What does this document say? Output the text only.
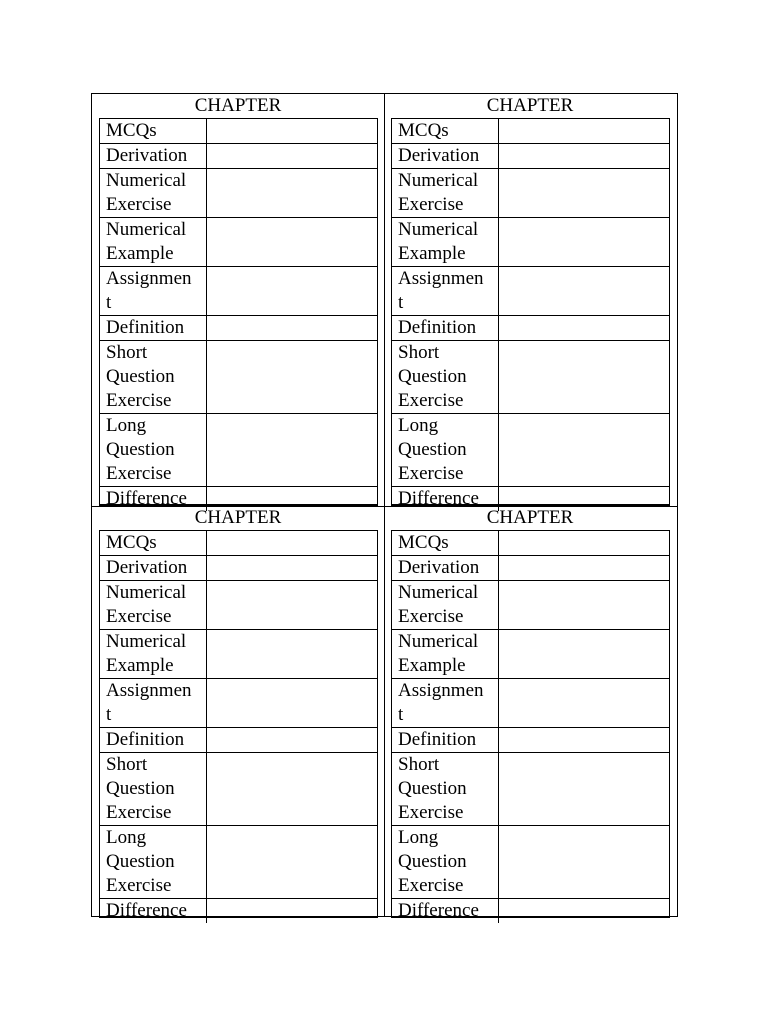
CHAPTER
MCQs
Derivation
Numerical
Exercise
Numerical
Example
Assignmen
t
Definition
Short
Question
Exercise
Long
Question
Exercise
Difference
CHAPTER
MCQs
Derivation
Numerical
Exercise
Numerical
Example
Assignmen
t
Definition
Short
Question
Exercise
Long
Question
Exercise
Difference
CHAPTER
MCQs
Derivation
Numerical
Exercise
Numerical
Example
Assignmen
t
Definition
Short
Question
Exercise
Long
Question
Exercise
Difference
CHAPTER
MCQs
Derivation
Numerical
Exercise
Numerical
Example
Assignmen
t
Definition
Short
Question
Exercise
Long
Question
Exercise
Difference
